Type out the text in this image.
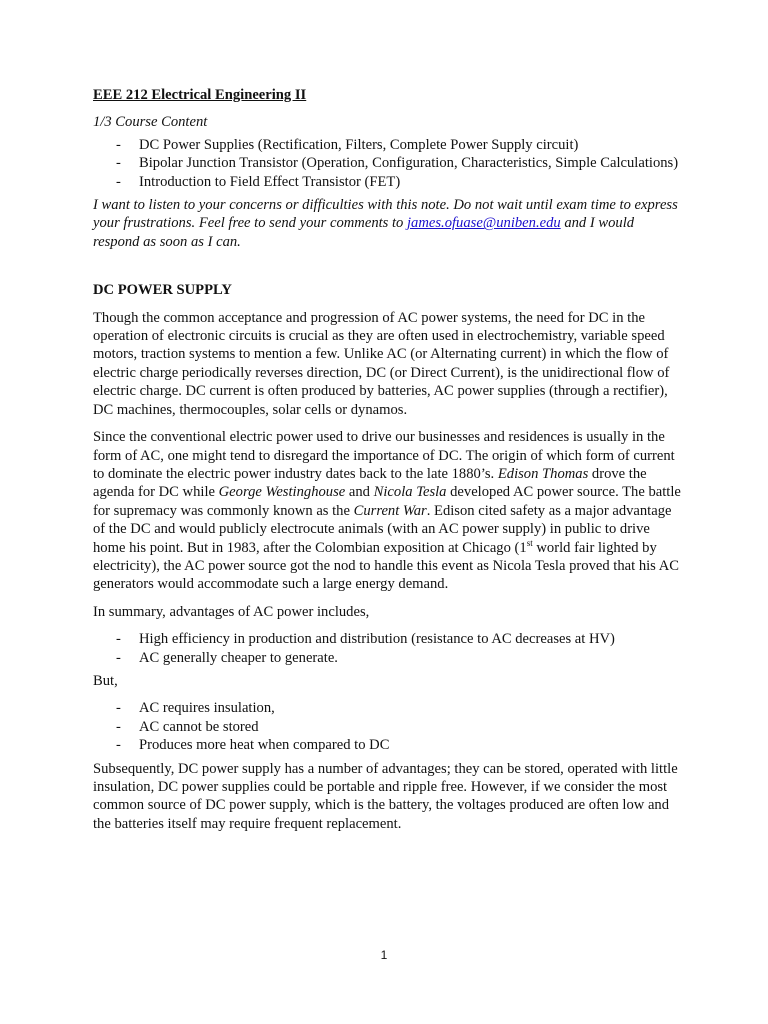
EEE 212 Electrical Engineering II
1/3 Course Content
- DC Power Supplies (Rectification, Filters, Complete Power Supply circuit)
- Bipolar Junction Transistor (Operation, Configuration, Characteristics, Simple Calculations)
- Introduction to Field Effect Transistor (FET)

I want to listen to your concerns or difficulties with this note. Do not wait until exam time to express your frustrations. Feel free to send your comments to james.ofuase@uniben.edu and I would respond as soon as I can.

DC POWER SUPPLY

Though the common acceptance and progression of AC power systems, the need for DC in the operation of electronic circuits is crucial as they are often used in electrochemistry, variable speed motors, traction systems to mention a few. Unlike AC (or Alternating current) in which the flow of electric charge periodically reverses direction, DC (or Direct Current), is the unidirectional flow of electric charge. DC current is often produced by batteries, AC power supplies (through a rectifier), DC machines, thermocouples, solar cells or dynamos.

Since the conventional electric power used to drive our businesses and residences is usually in the form of AC, one might tend to disregard the importance of DC. The origin of which form of current to dominate the electric power industry dates back to the late 1880’s. Edison Thomas drove the agenda for DC while George Westinghouse and Nicola Tesla developed AC power source. The battle for supremacy was commonly known as the Current War. Edison cited safety as a major advantage of the DC and would publicly electrocute animals (with an AC power supply) in public to drive home his point. But in 1983, after the Colombian exposition at Chicago (1st world fair lighted by electricity), the AC power source got the nod to handle this event as Nicola Tesla proved that his AC generators would accommodate such a large energy demand.

In summary, advantages of AC power includes,

- High efficiency in production and distribution (resistance to AC decreases at HV)
- AC generally cheaper to generate.

But,

- AC requires insulation,
- AC cannot be stored
- Produces more heat when compared to DC

Subsequently, DC power supply has a number of advantages; they can be stored, operated with little insulation, DC power supplies could be portable and ripple free. However, if we consider the most common source of DC power supply, which is the battery, the voltages produced are often low and the batteries itself may require frequent replacement.

1
